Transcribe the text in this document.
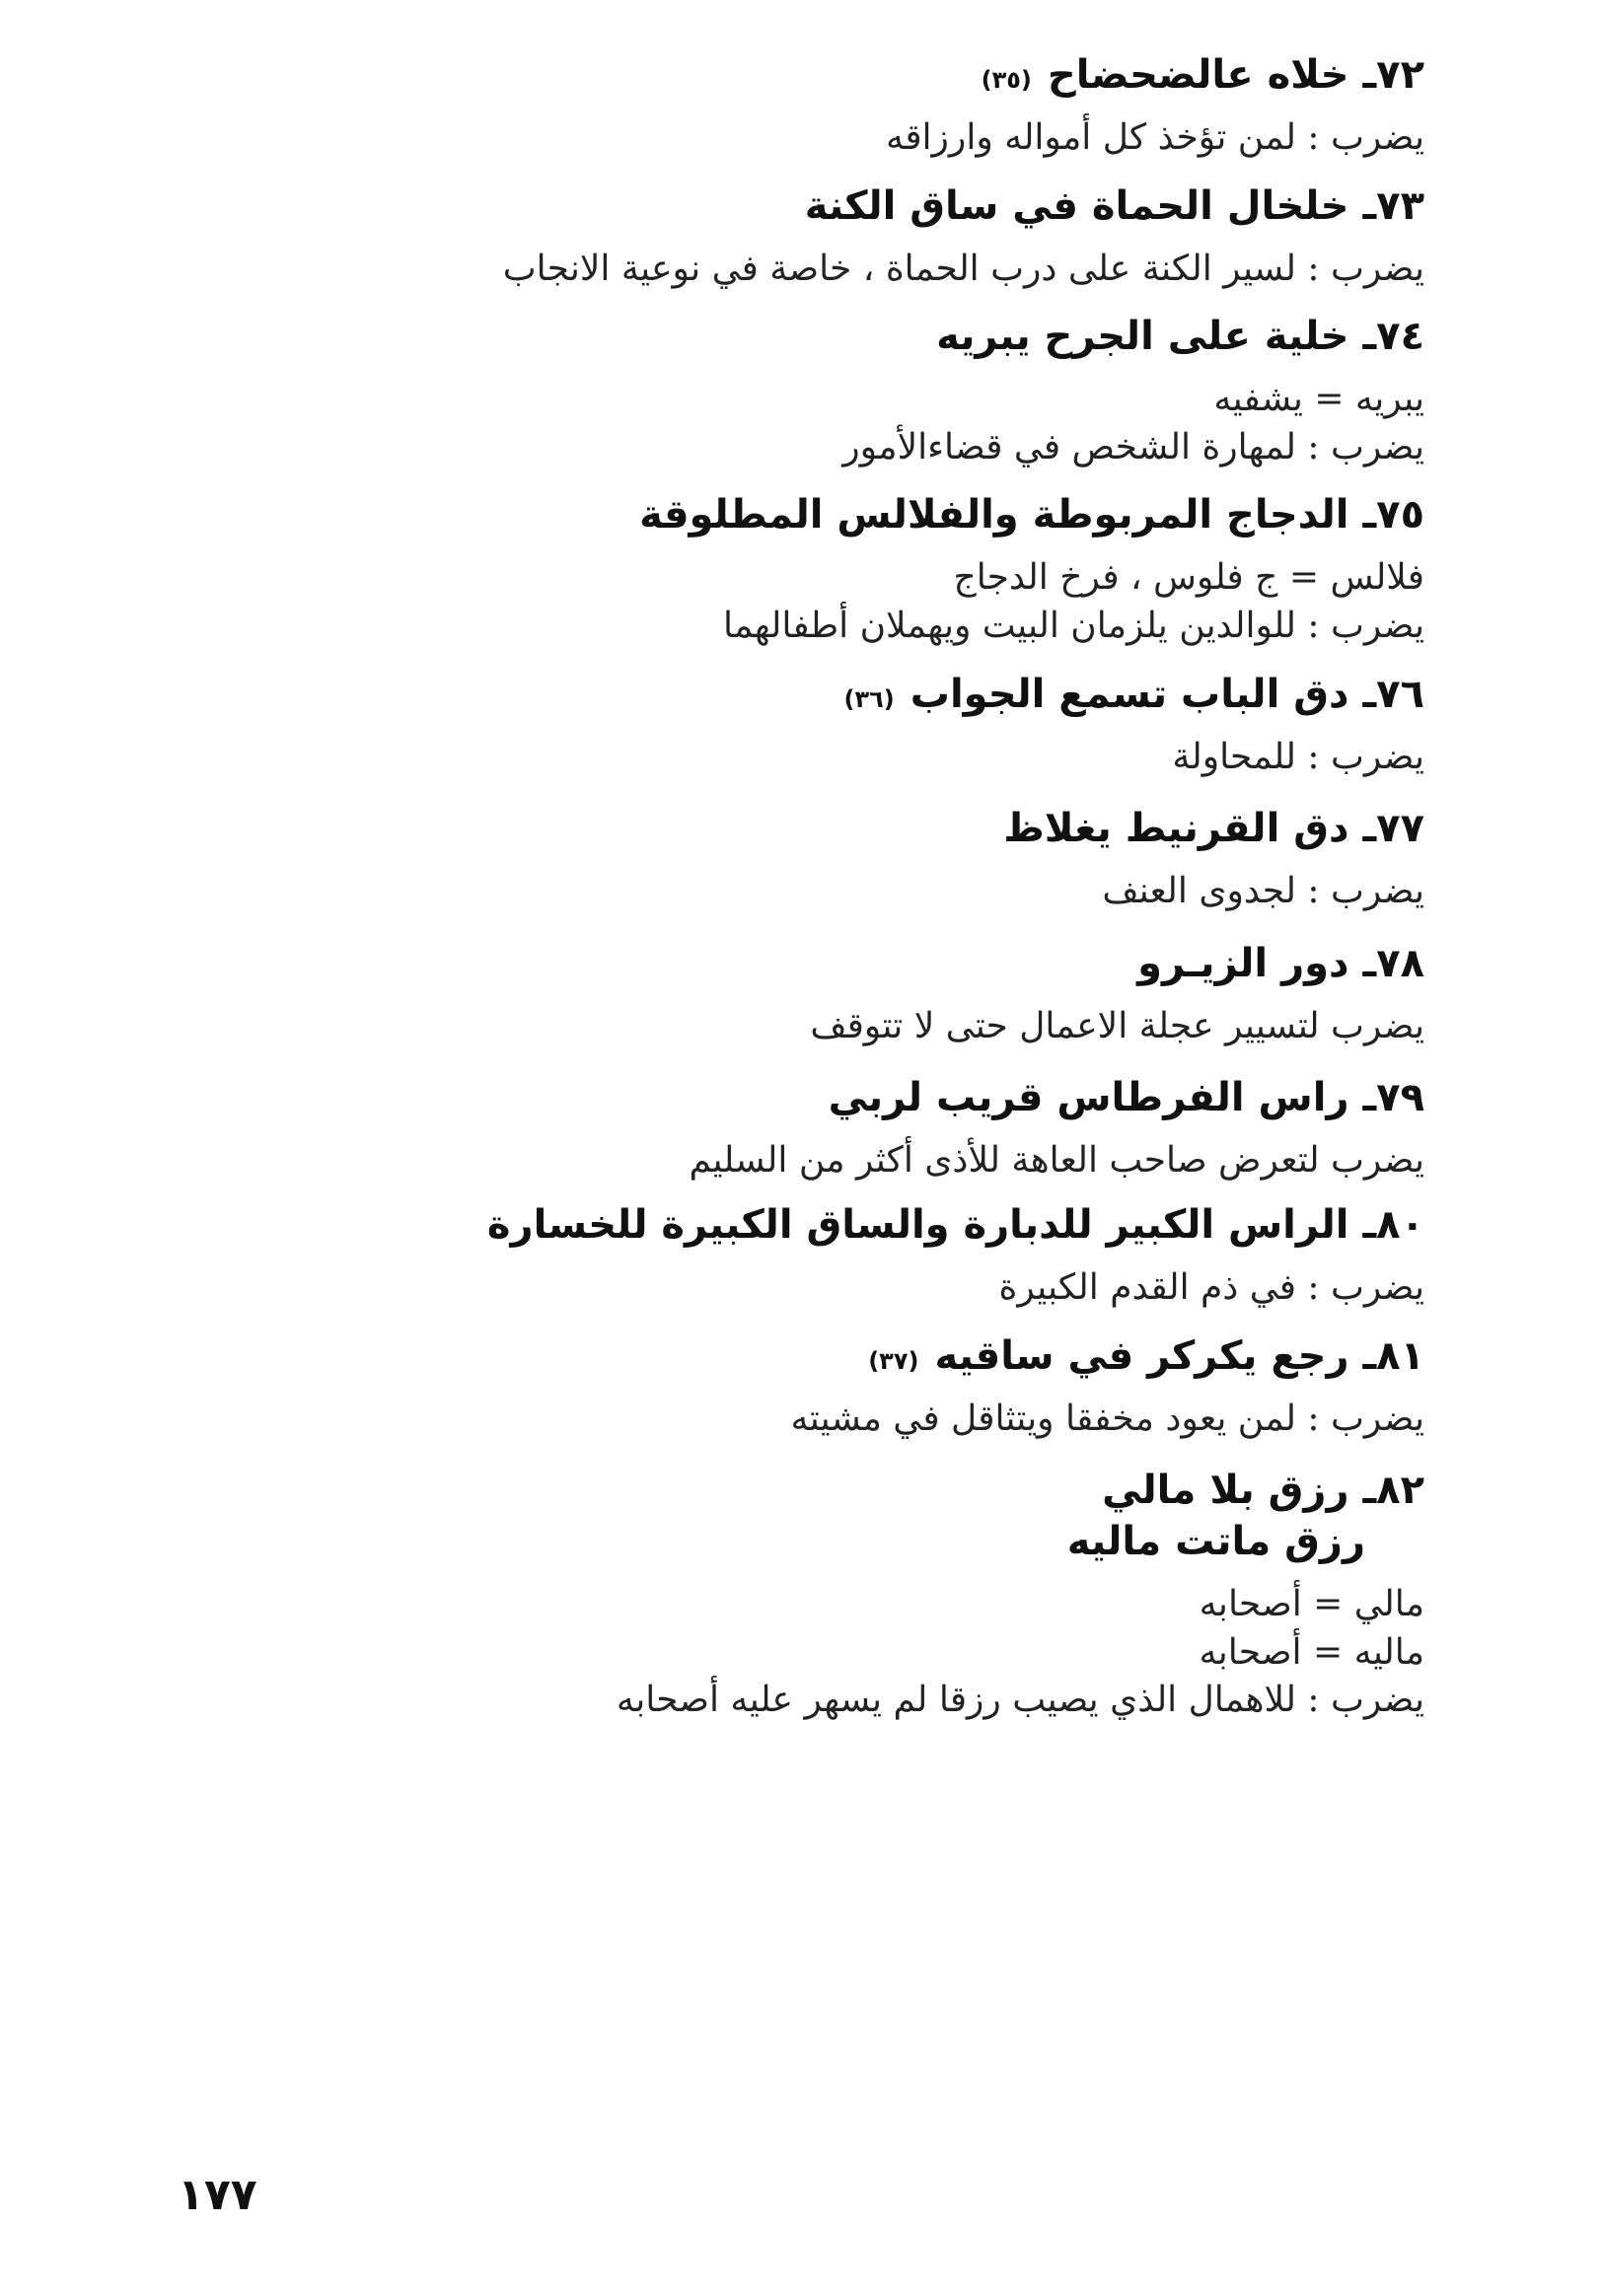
٧٢ـ
خلاه عالضحضاح
(٣٥)
يضرب : لمن تؤخذ كل أمواله وارزاقه
٧٣ـ
خلخال الحماة في ساق الكنة
يضرب : لسير الكنة على درب الحماة ، خاصة في نوعية الانجاب
٧٤ـ
خلية على الجرح يبريه
يبريه = يشفيه
يضرب : لمهارة الشخص في قضاءالأمور
٧٥ـ
الدجاج المربوطة والفلالس المطلوقة
فلالس = ج فلوس ، فرخ الدجاج
يضرب : للوالدين يلزمان البيت ويهملان أطفالهما
٧٦ـ
دق الباب تسمع الجواب
(٣٦)
يضرب : للمحاولة
٧٧ـ
دق القرنيط يغلاظ
يضرب : لجدوى العنف
٧٨ـ
دور الزيـرو
يضرب لتسيير عجلة الاعمال حتى لا تتوقف
٧٩ـ
راس الفرطاس قريب لربي
يضرب لتعرض صاحب العاهة للأذى أكثر من السليم
٨٠ـ
الراس الكبير للدبارة والساق الكبيرة للخسارة
يضرب : في ذم القدم الكبيرة
٨١ـ
رجع يكركر في ساقيه
(٣٧)
يضرب : لمن يعود مخفقا ويتثاقل في مشيته
٨٢ـ
رزق بلا مالي
رزق ماتت ماليه
مالي = أصحابه
ماليه = أصحابه
يضرب : للاهمال الذي يصيب رزقا لم يسهر عليه أصحابه
١٧٧
